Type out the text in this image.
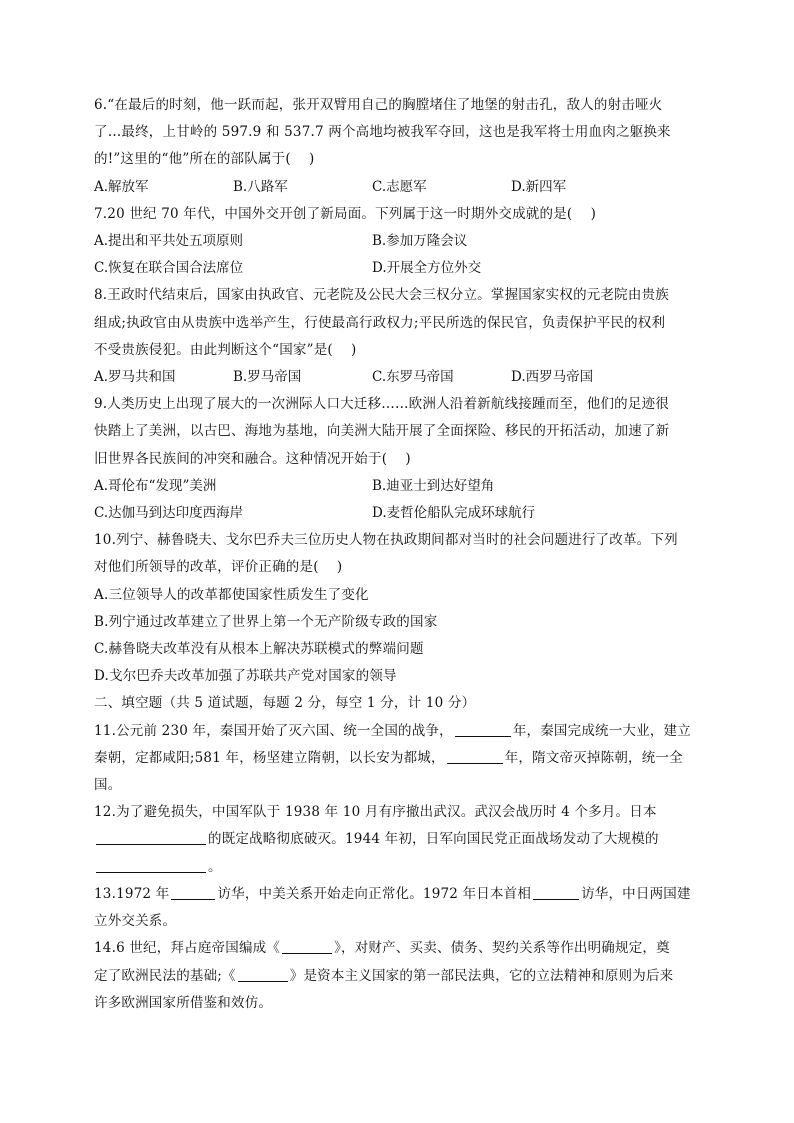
6.“在最后的时刻，他一跃而起，张开双臂用自己的胸膛堵住了地堡的射击孔，敌人的射击哑火
了…最终，上甘岭的 597.9 和 537.7 两个高地均被我军夺回，这也是我军将士用血肉之躯换来
的!”这里的“他”所在的部队属于(　 )
A.解放军	B.八路军	C.志愿军	D.新四军
7.20 世纪 70 年代，中国外交开创了新局面。下列属于这一时期外交成就的是(　 )
A.提出和平共处五项原则	B.参加万隆会议
C.恢复在联合国合法席位	D.开展全方位外交
8.王政时代结束后，国家由执政官、元老院及公民大会三权分立。掌握国家实权的元老院由贵族
组成;执政官由从贵族中选举产生，行使最高行政权力;平民所选的保民官，负责保护平民的权利
不受贵族侵犯。由此判断这个“国家”是(　 )
A.罗马共和国	B.罗马帝国	C.东罗马帝国	D.西罗马帝国
9.人类历史上出现了展大的一次洲际人口大迁移……欧洲人沿着新航线接踵而至，他们的足迹很
快踏上了美洲，以古巴、海地为基地，向美洲大陆开展了全面探险、移民的开拓活动，加速了新
旧世界各民族间的冲突和融合。这种情况开始于(　 )
A.哥伦布“发现”美洲	B.迪亚士到达好望角
C.达伽马到达印度西海岸	D.麦哲伦船队完成环球航行
10.列宁、赫鲁晓夫、戈尔巴乔夫三位历史人物在执政期间都对当时的社会问题进行了改革。下列
对他们所领导的改革，评价正确的是(　 )
A.三位领导人的改革都使国家性质发生了变化
B.列宁通过改革建立了世界上第一个无产阶级专政的国家
C.赫鲁晓夫改革没有从根本上解决苏联模式的弊端问题
D.戈尔巴乔夫改革加强了苏联共产党对国家的领导
二、填空题（共 5 道试题，每题 2 分，每空 1 分，计 10 分）
11.公元前 230 年，秦国开始了灭六国、统一全国的战争，	年，秦国完成统一大业，建立
秦朝，定都咸阳;581 年，杨坚建立隋朝，以长安为都城，	年，隋文帝灭掉陈朝，统一全
国。
12.为了避免损失，中国军队于 1938 年 10 月有序撤出武汉。武汉会战历时 4 个多月。日本
的既定战略彻底破灭。1944 年初，日军向国民党正面战场发动了大规模的
。
13.1972 年	访华，中美关系开始走向正常化。1972 年日本首相	访华，中日两国建
立外交关系。
14.6 世纪，拜占庭帝国编成《	》，对财产、买卖、债务、契约关系等作出明确规定，奠
定了欧洲民法的基础;《	》是资本主义国家的第一部民法典，它的立法精神和原则为后来
许多欧洲国家所借鉴和效仿。
